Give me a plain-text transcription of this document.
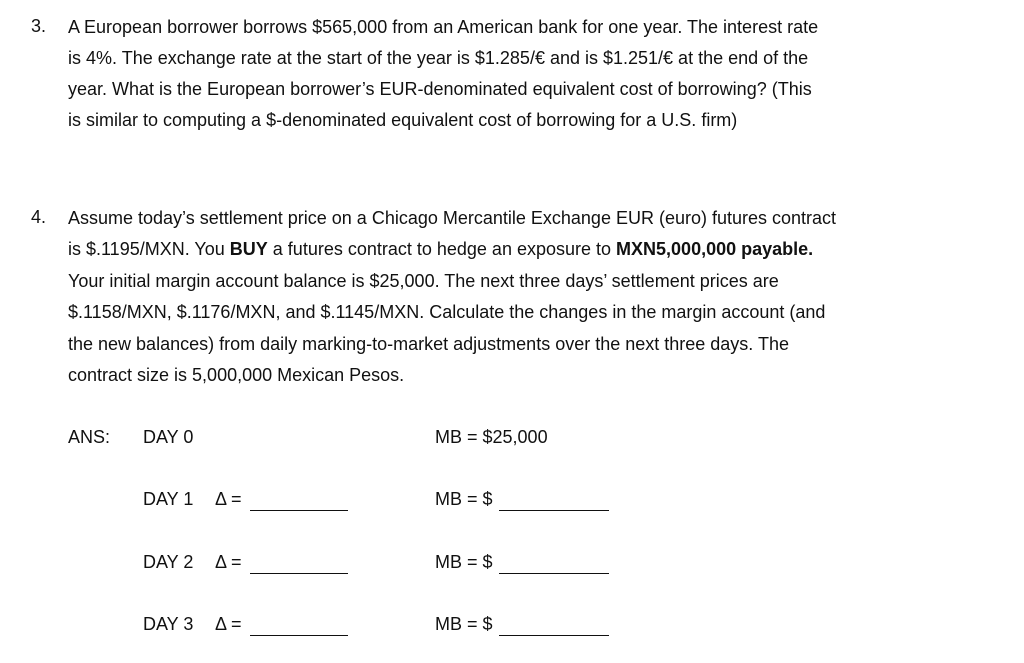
3. A European borrower borrows $565,000 from an American bank for one year. The interest rate
is 4%. The exchange rate at the start of the year is $1.285/€ and is $1.251/€ at the end of the
year. What is the European borrower’s EUR-denominated equivalent cost of borrowing? (This
is similar to computing a $-denominated equivalent cost of borrowing for a U.S. firm)
4. Assume today’s settlement price on a Chicago Mercantile Exchange EUR (euro) futures contract
is $.1195/MXN. You BUY a futures contract to hedge an exposure to MXN5,000,000 payable.
Your initial margin account balance is $25,000. The next three days’ settlement prices are
$.1158/MXN, $.1176/MXN, and $.1145/MXN. Calculate the changes in the margin account (and
the new balances) from daily marking-to-market adjustments over the next three days. The
contract size is 5,000,000 Mexican Pesos.
ANS: DAY 0	MB = $25,000
DAY 1 Δ =	MB = $
DAY 2 Δ =	MB = $
DAY 3 Δ =	MB = $
